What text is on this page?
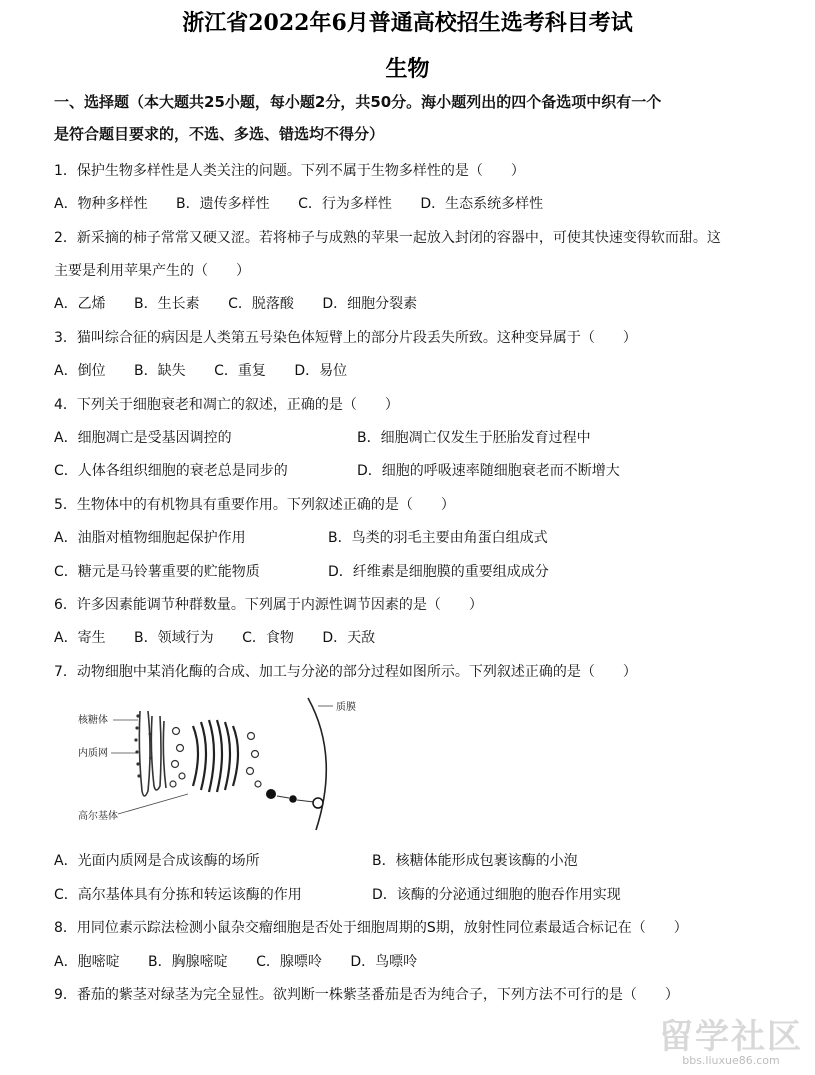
浙江省2022年6月普通高校招生选考科目考试
生物
一、选择题（本大题共25小题，每小题2分，共50分。海小题列出的四个备选项中织有一个
是符合题目要求的，不选、多选、错选均不得分）
1．保护生物多样性是人类关注的问题。下列不属于生物多样性的是（　　）
A．物种多样性 B．遗传多样性 C．行为多样性 D．生态系统多样性
2．新采摘的柿子常常又硬又涩。若将柿子与成熟的苹果一起放入封闭的容器中，可使其快速变得软而甜。这
主要是利用苹果产生的（　　）
A．乙烯 B．生长素 C．脱落酸 D．细胞分裂素
3．猫叫综合征的病因是人类第五号染色体短臂上的部分片段丢失所致。这种变异属于（　　）
A．倒位 B．缺失 C．重复 D．易位
4．下列关于细胞衰老和凋亡的叙述，正确的是（　　）
A．细胞凋亡是受基因调控的	B．细胞凋亡仅发生于胚胎发育过程中
C．人体各组织细胞的衰老总是同步的	D．细胞的呼吸速率随细胞衰老而不断增大
5．生物体中的有机物具有重要作用。下列叙述正确的是（　　）
A．油脂对植物细胞起保护作用	B．鸟类的羽毛主要由角蛋白组成式
C．糖元是马铃薯重要的贮能物质	D．纤维素是细胞膜的重要组成成分
6．许多因素能调节种群数量。下列属于内源性调节因素的是（　　）
A．寄生 B．领域行为 C．食物 D．天敌
7．动物细胞中某消化酶的合成、加工与分泌的部分过程如图所示。下列叙述正确的是（　　）
核糖体
内质网
高尔基体
质膜
A．光面内质网是合成该酶的场所	B．核糖体能形成包裹该酶的小泡
C．高尔基体具有分拣和转运该酶的作用	D．该酶的分泌通过细胞的胞吞作用实现
8．用同位素示踪法检测小鼠杂交瘤细胞是否处于细胞周期的S期，放射性同位素最适合标记在（　　）
A．胞嘧啶 B．胸腺嘧啶 C．腺嘌呤 D．鸟嘌呤
9．番茄的紫茎对绿茎为完全显性。欲判断一株紫茎番茄是否为纯合子，下列方法不可行的是（　　）
留学社区
bbs.liuxue86.com
